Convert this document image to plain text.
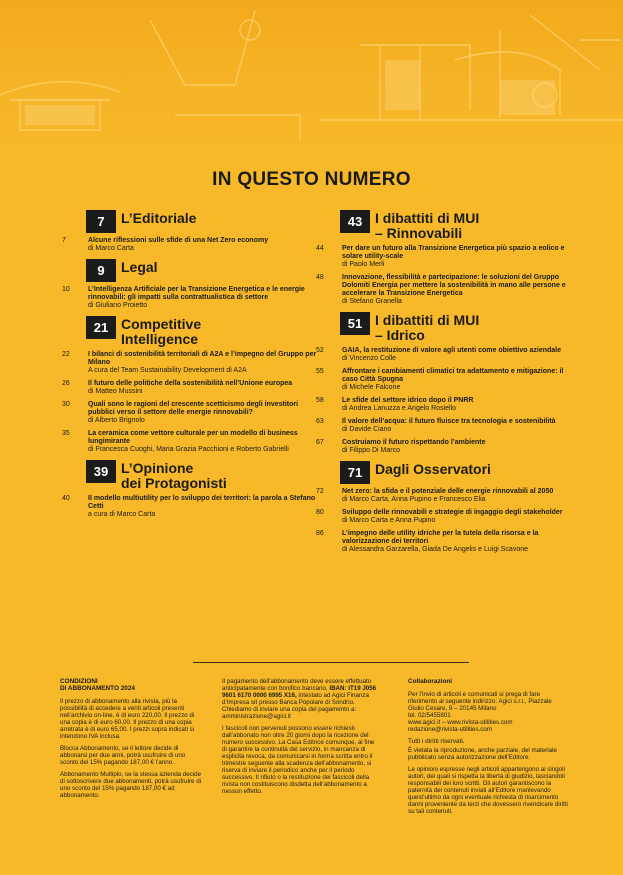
IN QUESTO NUMERO
7	L’Editoriale
7	Alcune riflessioni sulle sfide di una Net Zero economy
di Marco Carta
9	Legal
10	L’Intelligenza Artificiale per la Transizione Energetica e le energie rinnovabili: gli impatti sulla contrattualistica di settore
di Giuliano Proietto
21 Competitive
Intelligence
22	I bilanci di sostenibilità territoriali di A2A e l’impegno del Gruppo per Milano
A cura del Team Sustainability Development di A2A
26	Il futuro delle politiche della sostenibilità nell’Unione europea
di Matteo Mussini
30	Quali sono le ragioni del crescente scetticismo degli investitori pubblici verso il settore delle energie rinnovabili?
di Alberto Brignolo
35	La ceramica come vettore culturale per un modello di business lungimirante
di Francesca Cuoghi, Maria Grazia Pacchioni e Roberto Gabrielli
39 L’Opinione
dei Protagonisti
40	Il modello multiutility per lo sviluppo dei territori: la parola a Stefano Cetti
a cura di Marco Carta
43 I dibattiti di MUI
– Rinnovabili
44	Per dare un futuro alla Transizione Energetica più spazio a eolico e solare utility-scale
di Paolo Merli
48	Innovazione, flessibilità e partecipazione: le soluzioni del Gruppo Dolomiti Energia per mettere la sostenibilità in mano alle persone e accelerare la Transizione Energetica
di Stefano Granella
51 I dibattiti di MUI
– Idrico
52	GAIA, la restituzione di valore agli utenti come obiettivo aziendale
di Vincenzo Colle
55	Affrontare i cambiamenti climatici tra adattamento e mitigazione: il caso Città Spugna
di Michele Falcone
58	Le sfide del settore idrico dopo il PNRR
di Andrea Lanuzza e Angelo Rosiello
63	Il valore dell’acqua: il futuro fluisce tra tecnologia e sostenibilità
di Davide Ciano
67	Costruiamo il futuro rispettando l’ambiente
di Filippo Di Marco
71 Dagli Osservatori
72	Net zero: la sfida e il potenziale delle energie rinnovabili al 2050
di Marco Carta, Anna Pupino e Francesco Elia
80	Sviluppo delle rinnovabili e strategie di ingaggio degli stakeholder
di Marco Carta e Anna Pupino
86	L’impegno delle utility idriche per la tutela della risorsa e la valorizzazione dei territori
di Alessandra Garzarella, Giada De Angelis e Luigi Scavone
CONDIZIONI
DI ABBONAMENTO 2024

Il prezzo di abbonamento alla rivista, più la possibilità di accedere a venti articoli presenti nell’archivio on-line, è di euro 220,00. Il prezzo di una copia è di euro 60,00. Il prezzo di una copia arretrata è di euro 65,00. I prezzi sopra indicati si intendono IVA inclusa.

Blocca Abbonamento, se il lettore decide di abbonarsi per due anni, potrà usufruire di uno sconto del 15% pagando 187,00 € l’anno.

Abbonamento Multiplo, se la stessa azienda decide di sottoscrivere due abbonamenti, potrà usufruire di uno sconto del 15% pagando 187,00 € ad abbonamento.

Il pagamento dell’abbonamento deve essere effettuato anticipatamente con bonifico bancario, IBAN: IT19 J056 9601 6170 0000 6995 X16, intestato ad Agici Finanza d’Impresa srl presso Banca Popolare di Sondrio. Chiediamo di inviare una copia del pagamento a: amministrazione@agici.it

I fascicoli non pervenuti possono essere richiesti dall’abbonato non oltre 20 giorni dopo la ricezione del numero successivo. La Casa Editrice comunque, al fine di garantire la continuità del servizio, in mancanza di esplicita revoca, da comunicarsi in forma scritta entro il trimestre seguente alla scadenza dell’abbonamento, si riserva di inviare il periodico anche per il periodo successivo. Il rifiuto o la restituzione dei fascicoli della rivista non costituiscono disdetta dell’abbonamento a nessun effetto.

Collaborazioni

Per l’invio di articoli e comunicati si prega di fare riferimento al seguente indirizzo: Agici s.r.l., Piazzale Giulio Cesare, 9 – 20145 Milano
tel. 02/5455801
www.agici.it – www.rivista-utilities.com
redazione@rivista-utilities.com

Tutti i diritti riservati.

È vietata la riproduzione, anche parziale, del materiale pubblicato senza autorizzazione dell’Editore.

Le opinioni espresse negli articoli appartengono ai singoli autori, dei quali si rispetta la libertà di giudizio, lasciandoli responsabili dei loro scritti. Gli autori garantiscono la paternità dei contenuti inviati all’Editore manlevando quest’ultimo da ogni eventuale richiesta di risarcimento danni proveniente da terzi che dovessero rivendicare diritti su tali contenuti.
